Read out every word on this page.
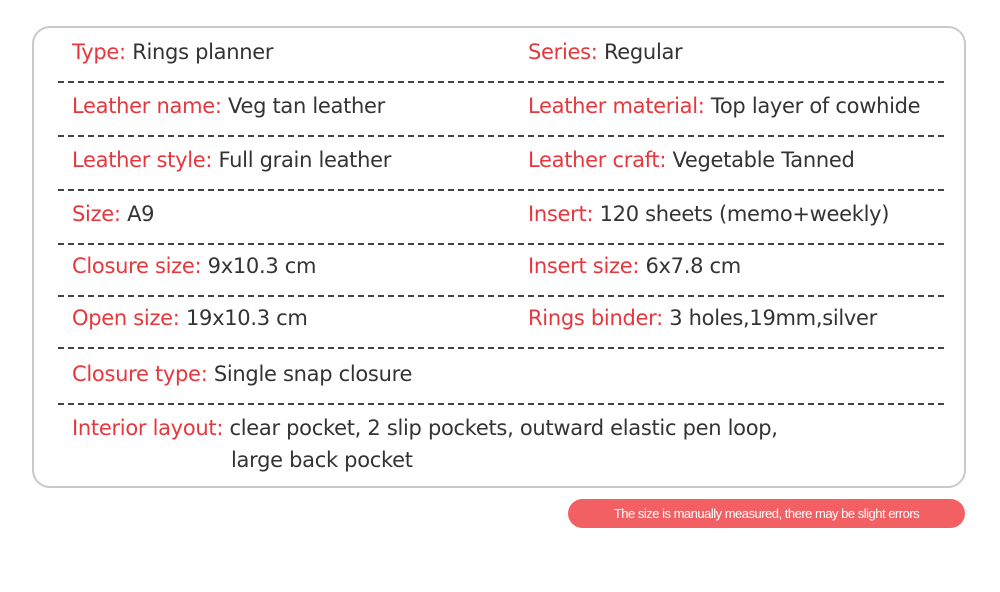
Type: Rings planner	Series: Regular
Leather name: Veg tan leather	Leather material: Top layer of cowhide
Leather style: Full grain leather	Leather craft: Vegetable Tanned
Size: A9	Insert: 120 sheets (memo+weekly)
Closure size: 9x10.3 cm	Insert size: 6x7.8 cm
Open size: 19x10.3 cm	Rings binder: 3 holes,19mm,silver
Closure type: Single snap closure
Interior layout: clear pocket, 2 slip pockets, outward elastic pen loop,
large back pocket
The size is manually measured, there may be slight errors
